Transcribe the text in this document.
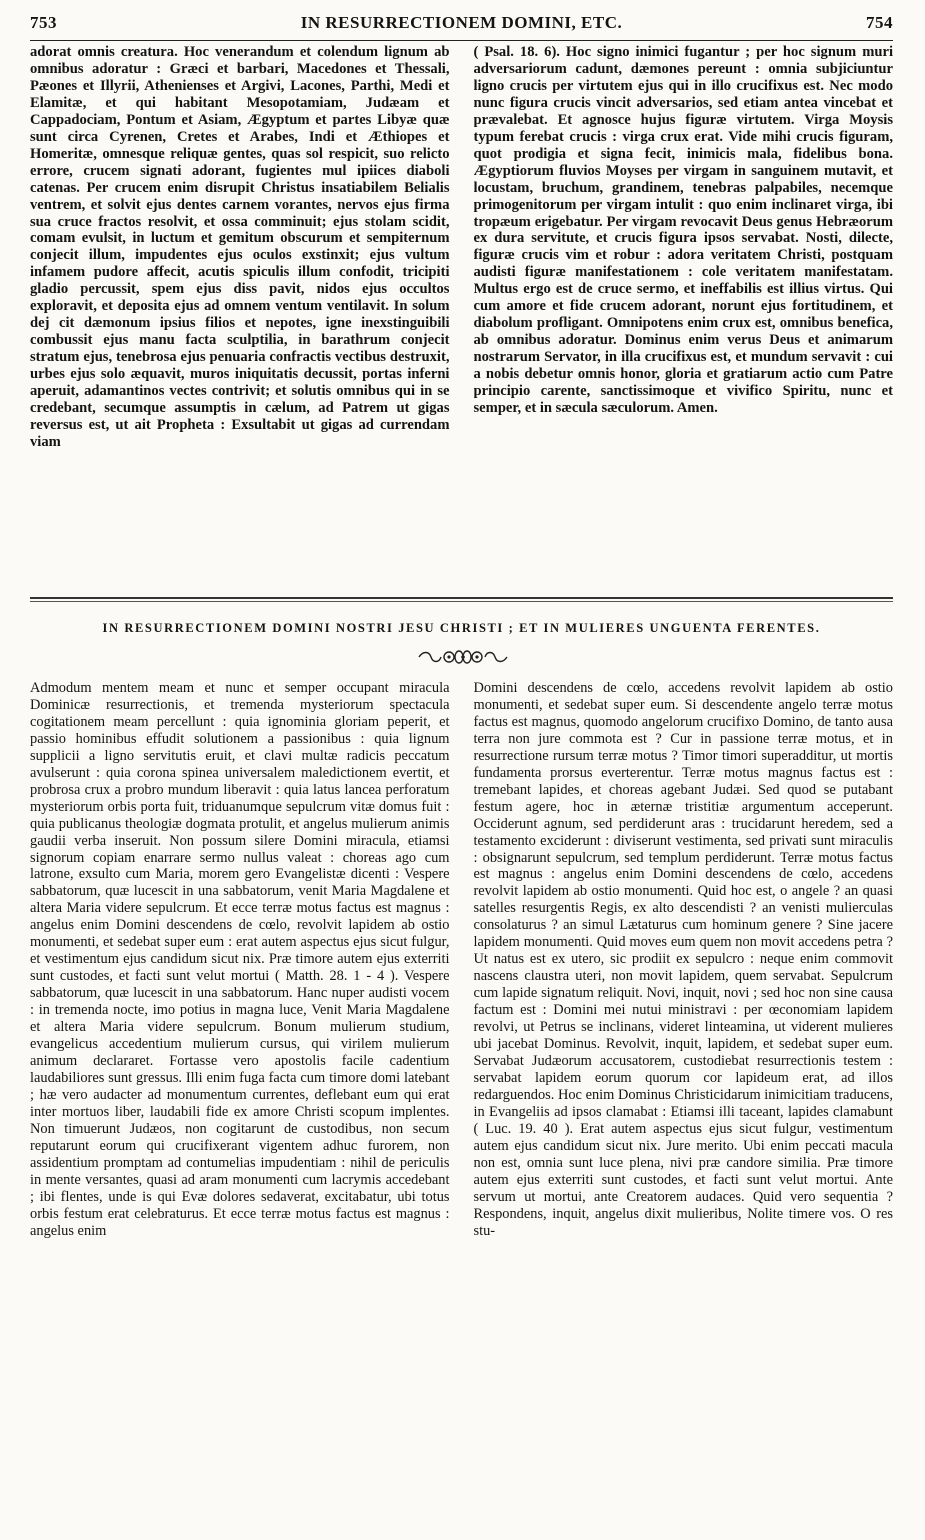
753	IN RESURRECTIONEM DOMINI, ETC.	754

adorat omnis creatura. Hoc venerandum et colendum lignum ab omnibus adoratur : Græci et barbari, Macedones et Thessali, Pæones et Illyrii, Athenienses et Argivi, Lacones, Parthi, Medi et Elamitæ, et qui habitant Mesopotamiam, Judæam et Cappadociam, Pontum et Asiam, Ægyptum et partes Libyæ quæ sunt circa Cyrenen, Cretes et Arabes, Indi et Æthiopes et Homeritæ, omnesque reliquæ gentes, quas sol respicit, suo relicto errore, crucem signati adorant, fugientes mul ipiices diaboli catenas. Per crucem enim disrupit Christus insatiabilem Belialis ventrem, et solvit ejus dentes carnem vorantes, nervos ejus firma sua cruce fractos resolvit, et ossa comminuit; ejus stolam scidit, comam evulsit, in luctum et gemitum obscurum et sempiternum conjecit illum, impudentes ejus oculos exstinxit; ejus vultum infamem pudore affecit, acutis spiculis illum confodit, tricipiti gladio percussit, spem ejus diss pavit, nidos ejus occultos exploravit, et deposita ejus ad omnem ventum ventilavit. In solum dej cit dæmonum ipsius filios et nepotes, igne inexstinguibili combussit ejus manu facta sculptilia, in barathrum conjecit stratum ejus, tenebrosa ejus penuaria confractis vectibus destruxit, urbes ejus solo æquavit, muros iniquitatis decussit, portas inferni aperuit, adamantinos vectes contrivit; et solutis omnibus qui in se credebant, secumque assumptis in cælum, ad Patrem ut gigas reversus est, ut ait Propheta : Exsultabit ut gigas ad currendam viam

( Psal. 18. 6). Hoc signo inimici fugantur ; per hoc signum muri adversariorum cadunt, dæmones pereunt : omnia subjiciuntur ligno crucis per virtutem ejus qui in illo crucifixus est. Nec modo nunc figura crucis vincit adversarios, sed etiam antea vincebat et prævalebat. Et agnosce hujus figuræ virtutem. Virga Moysis typum ferebat crucis : virga crux erat. Vide mihi crucis figuram, quot prodigia et signa fecit, inimicis mala, fidelibus bona. Ægyptiorum fluvios Moyses per virgam in sanguinem mutavit, et locustam, bruchum, grandinem, tenebras palpabiles, necemque primogenitorum per virgam intulit : quo enim inclinaret virga, ibi tropæum erigebatur. Per virgam revocavit Deus genus Hebræorum ex dura servitute, et crucis figura ipsos servabat. Nosti, dilecte, figuræ crucis vim et robur : adora veritatem Christi, postquam audisti figuræ manifestationem : cole veritatem manifestatam. Multus ergo est de cruce sermo, et ineffabilis est illius virtus. Qui cum amore et fide crucem adorant, norunt ejus fortitudinem, et diabolum profligant. Omnipotens enim crux est, omnibus benefica, ab omnibus adoratur. Dominus enim verus Deus et animarum nostrarum Servator, in illa crucifixus est, et mundum servavit : cui a nobis debetur omnis honor, gloria et gratiarum actio cum Patre principio carente, sanctissimoque et vivifico Spiritu, nunc et semper, et in sæcula sæculorum. Amen.

IN RESURRECTIONEM DOMINI NOSTRI JESU CHRISTI ; ET IN MULIERES UNGUENTA FERENTES.

Admodum mentem meam et nunc et semper occupant miracula Dominicæ resurrectionis, et tremenda mysteriorum spectacula cogitationem meam percellunt : quia ignominia gloriam peperit, et passio hominibus effudit solutionem a passionibus : quia lignum supplicii a ligno servitutis eruit, et clavi multæ radicis peccatum avulserunt : quia corona spinea universalem maledictionem evertit, et probrosa crux a probro mundum liberavit : quia latus lancea perforatum mysteriorum orbis porta fuit, triduanumque sepulcrum vitæ domus fuit : quia publicanus theologiæ dogmata protulit, et angelus mulierum animis gaudii verba inseruit. Non possum silere Domini miracula, etiamsi signorum copiam enarrare sermo nullus valeat : choreas ago cum latrone, exsulto cum Maria, morem gero Evangelistæ dicenti : Vespere sabbatorum, quæ lucescit in una sabbatorum, venit Maria Magdalene et altera Maria videre sepulcrum. Et ecce terræ motus factus est magnus : angelus enim Domini descendens de cœlo, revolvit lapidem ab ostio monumenti, et sedebat super eum : erat autem aspectus ejus sicut fulgur, et vestimentum ejus candidum sicut nix. Præ timore autem ejus exterriti sunt custodes, et facti sunt velut mortui ( Matth. 28. 1 - 4 ). Vespere sabbatorum, quæ lucescit in una sabbatorum. Hanc nuper audisti vocem : in tremenda nocte, imo potius in magna luce, Venit Maria Magdalene et altera Maria videre sepulcrum. Bonum mulierum studium, evangelicus accedentium mulierum cursus, qui virilem mulierum animum declararet. Fortasse vero apostolis facile cadentium laudabiliores sunt gressus. Illi enim fuga facta cum timore domi latebant ; hæ vero audacter ad monumentum currentes, deflebant eum qui erat inter mortuos liber, laudabili fide ex amore Christi scopum implentes. Non timuerunt Judæos, non cogitarunt de custodibus, non secum reputarunt eorum qui crucifixerant vigentem adhuc furorem, non assidentium promptam ad contumelias impudentiam : nihil de periculis in mente versantes, quasi ad aram monumenti cum lacrymis accedebant ; ibi flentes, unde is qui Evæ dolores sedaverat, excitabatur, ubi totus orbis festum erat celebraturus. Et ecce terræ motus factus est magnus : angelus enim

Domini descendens de cœlo, accedens revolvit lapidem ab ostio monumenti, et sedebat super eum. Si descendente angelo terræ motus factus est magnus, quomodo angelorum crucifixo Domino, de tanto ausa terra non jure commota est ? Cur in passione terræ motus, et in resurrectione rursum terræ motus ? Timor timori superadditur, ut mortis fundamenta prorsus everterentur. Terræ motus magnus factus est : tremebant lapides, et choreas agebant Judæi. Sed quod se putabant festum agere, hoc in æternæ tristitiæ argumentum acceperunt. Occiderunt agnum, sed perdiderunt aras : trucidarunt heredem, sed a testamento exciderunt : diviserunt vestimenta, sed privati sunt miraculis : obsignarunt sepulcrum, sed templum perdiderunt. Terræ motus factus est magnus : angelus enim Domini descendens de cœlo, accedens revolvit lapidem ab ostio monumenti. Quid hoc est, o angele ? an quasi satelles resurgentis Regis, ex alto descendisti ? an venisti mulierculas consolaturus ? an simul Lætaturus cum hominum genere ? Sine jacere lapidem monumenti. Quid moves eum quem non movit accedens petra ? Ut natus est ex utero, sic prodiit ex sepulcro : neque enim commovit nascens claustra uteri, non movit lapidem, quem servabat. Sepulcrum cum lapide signatum reliquit. Novi, inquit, novi ; sed hoc non sine causa factum est : Domini mei nutui ministravi : per œconomiam lapidem revolvi, ut Petrus se inclinans, videret linteamina, ut viderent mulieres ubi jacebat Dominus. Revolvit, inquit, lapidem, et sedebat super eum. Servabat Judæorum accusatorem, custodiebat resurrectionis testem : servabat lapidem eorum quorum cor lapideum erat, ad illos redarguendos. Hoc enim Dominus Christicidarum inimicitiam traducens, in Evangeliis ad ipsos clamabat : Etiamsi illi taceant, lapides clamabunt ( Luc. 19. 40 ). Erat autem aspectus ejus sicut fulgur, vestimentum autem ejus candidum sicut nix. Jure merito. Ubi enim peccati macula non est, omnia sunt luce plena, nivi præ candore similia. Præ timore autem ejus exterriti sunt custodes, et facti sunt velut mortui. Ante servum ut mortui, ante Creatorem audaces. Quid vero sequentia ? Respondens, inquit, angelus dixit mulieribus, Nolite timere vos. O res stu-
